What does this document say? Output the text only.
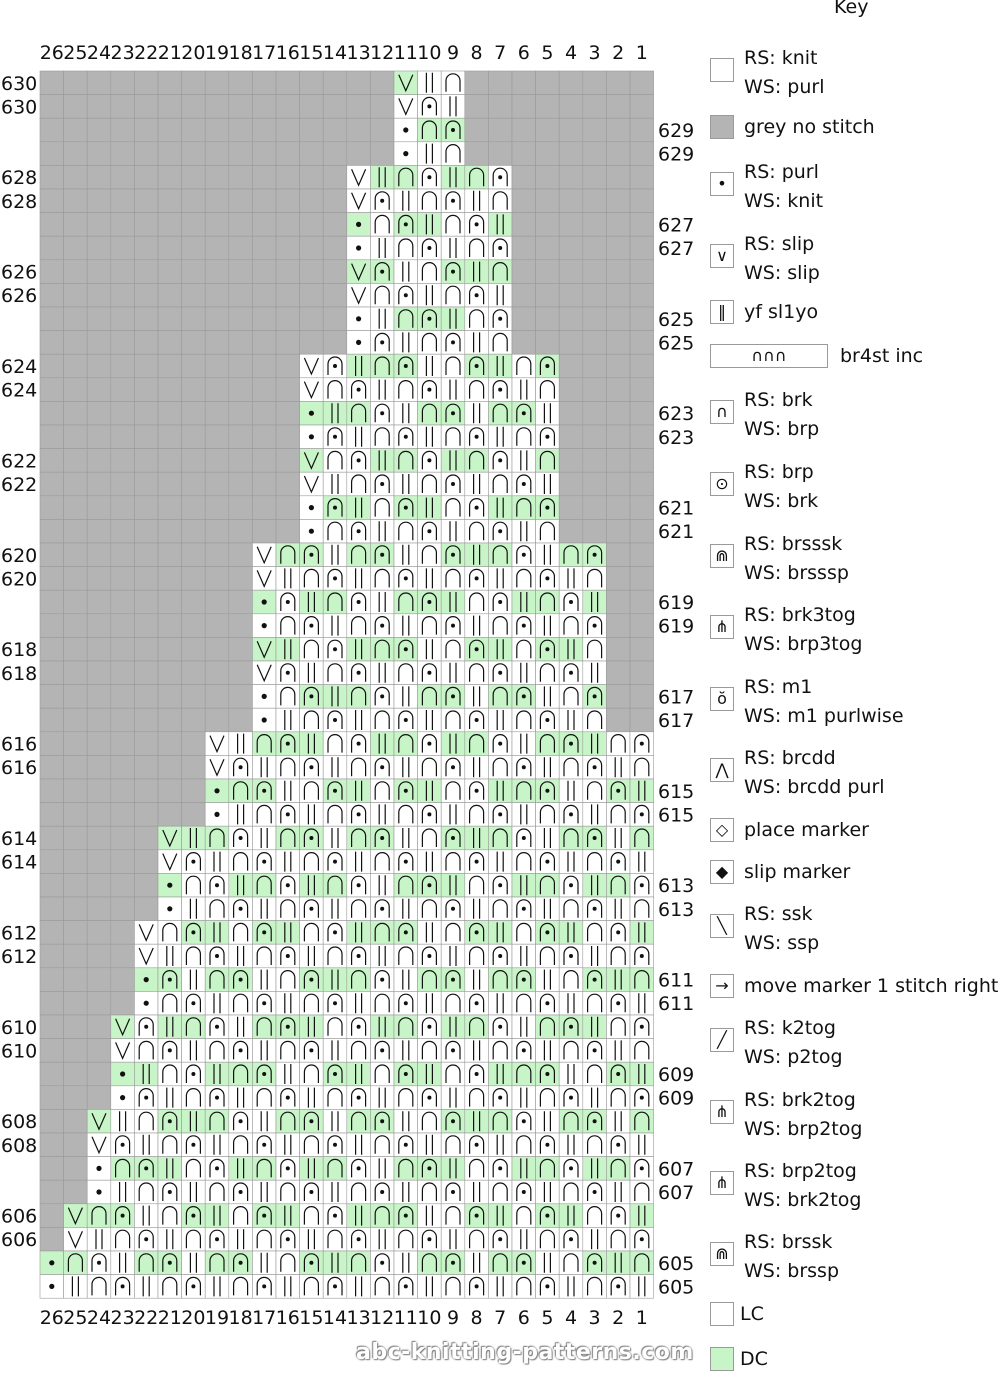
26
26
25
25
24
24
23
23
22
22
21
21
20
20
19
19
18
18
17
17
16
16
15
15
14
14
13
13
12
12
11
11
10
10
9
9
8
8
7
7
6
6
5
5
4
4
3
3
2
2
1
1
630
630
629
629
628
628
627
627
626
626
625
625
624
624
623
623
622
622
621
621
620
620
619
619
618
618
617
617
616
616
615
615
614
614
613
613
612
612
611
611
610
610
609
609
608
608
607
607
606
606
605
605
Key
RS: knit
WS: purl
grey no stitch
•
RS: purl
WS: knit
∨
RS: slip
WS: slip
‖ yf sl1yo
∩∩∩	br4st inc
∩
RS: brk
WS: brp
⊙
RS: brp
WS: brk
⋒
RS: brsssk
WS: brsssp
⋔
RS: brk3tog
WS: brp3tog
ŏ
RS: m1
WS: m1 purlwise
⋀
RS: brcdd
WS: brcdd purl
◇ place marker
◆ slip marker
╲
RS: ssk
WS: ssp
→ move marker 1 stitch right
╱
RS: k2tog
WS: p2tog
⋔
RS: brk2tog
WS: brp2tog
⋔
RS: brp2tog
WS: brk2tog
⋒
RS: brssk
WS: brssp
LC
DC
abc-knitting-patterns.com
